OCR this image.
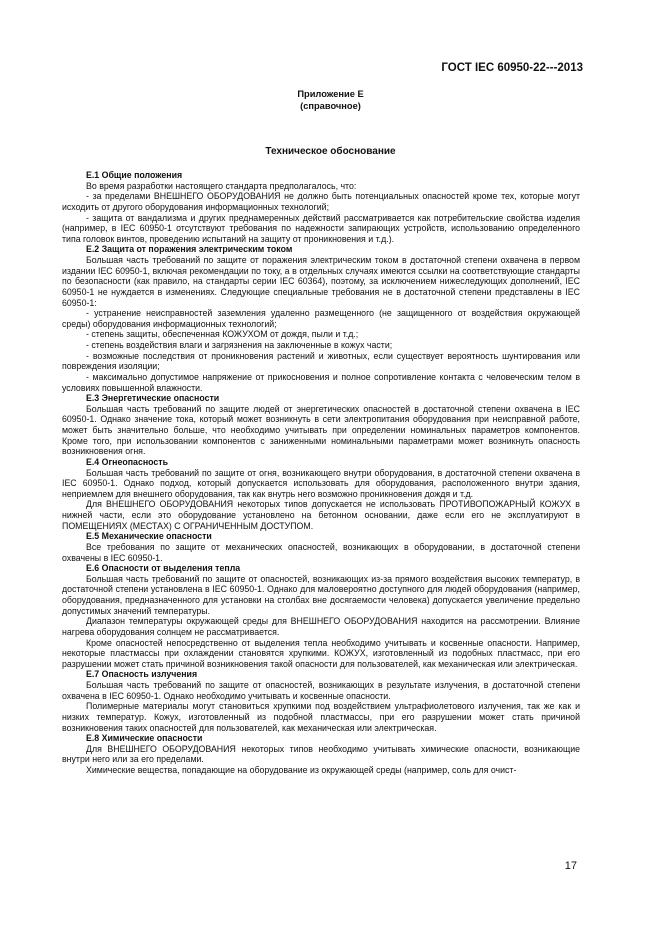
ГОСТ IEC 60950-22---2013
Приложение Е
(справочное)
Техническое обоснование
Е.1 Общие положения

Во время разработки настоящего стандарта предполагалось, что:

- за пределами ВНЕШНЕГО ОБОРУДОВАНИЯ не должно быть потенциальных опасностей кроме тех, которые могут исходить от другого оборудования информационных технологий;

- защита от вандализма и других преднамеренных действий рассматривается как потребительские свойства изделия (например, в IEC 60950-1 отсутствуют требования по надежности запирающих устройств, использованию определенного типа головок винтов, проведению испытаний на защиту от проникновения и т.д.).

Е.2 Защита от поражения электрическим током

Большая часть требований по защите от поражения электрическим током в достаточной степени охвачена в первом издании IEC 60950-1, включая рекомендации по току, а в отдельных случаях имеются ссылки на соответствующие стандарты по безопасности (как правило, на стандарты серии IEC 60364), поэтому, за исключением нижеследующих дополнений, IEC 60950-1 не нуждается в изменениях. Следующие специальные требования не в достаточной степени представлены в IEC 60950-1:

- устранение неисправностей заземления удаленно размещенного (не защищенного от воздействия окружающей среды) оборудования информационных технологий;

- степень защиты, обеспеченная КОЖУХОМ от дождя, пыли и т.д.;

- степень воздействия влаги и загрязнения на заключенные в кожух части;

- возможные последствия от проникновения растений и животных, если существует вероятность шунтирования или повреждения изоляции;

- максимально допустимое напряжение от прикосновения и полное сопротивление контакта с человеческим телом в условиях повышенной влажности.

Е.3 Энергетические опасности

Большая часть требований по защите людей от энергетических опасностей в достаточной степени охвачена в IEC 60950-1. Однако значение тока, который может возникнуть в сети электропитания оборудования при неисправной работе, может быть значительно больше, что необходимо учитывать при определении номинальных параметров компонентов. Кроме того, при использовании компонентов с заниженными номинальными параметрами может возникнуть опасность возникновения огня.

Е.4 Огнеопасность

Большая часть требований по защите от огня, возникающего внутри оборудования, в достаточной степени охвачена в IEC 60950-1. Однако подход, который допускается использовать для оборудования, расположенного внутри здания, неприемлем для внешнего оборудования, так как внутрь него возможно проникновения дождя и т.д.

Для ВНЕШНЕГО ОБОРУДОВАНИЯ некоторых типов допускается не использовать ПРОТИВОПОЖАРНЫЙ КОЖУХ в нижней части, если это оборудование установлено на бетонном основании, даже если его не эксплуатируют в ПОМЕЩЕНИЯХ (МЕСТАХ) С ОГРАНИЧЕННЫМ ДОСТУПОМ.

Е.5 Механические опасности

Все требования по защите от механических опасностей, возникающих в оборудовании, в достаточной степени охвачены в IEC 60950-1.

Е.6 Опасности от выделения тепла

Большая часть требований по защите от опасностей, возникающих из-за прямого воздействия высоких температур, в достаточной степени установлена в IEC 60950-1. Однако для маловероятно доступного для людей оборудования (например, оборудования, предназначенного для установки на столбах вне досягаемости человека) допускается увеличение предельно допустимых значений температуры.

Диапазон температуры окружающей среды для ВНЕШНЕГО ОБОРУДОВАНИЯ находится на рассмотрении. Влияние нагрева оборудования солнцем не рассматривается.

Кроме опасностей непосредственно от выделения тепла необходимо учитывать и косвенные опасности. Например, некоторые пластмассы при охлаждении становятся хрупкими. КОЖУХ, изготовленный из подобных пластмасс, при его разрушении может стать причиной возникновения такой опасности для пользователей, как механическая или электрическая.

Е.7 Опасность излучения

Большая часть требований по защите от опасностей, возникающих в результате излучения, в достаточной степени охвачена в IEC 60950-1. Однако необходимо учитывать и косвенные опасности.

Полимерные материалы могут становиться хрупкими под воздействием ультрафиолетового излучения, так же как и низких температур. Кожух, изготовленный из подобной пластмассы, при его разрушении может стать причиной возникновения таких опасностей для пользователей, как механическая или электрическая.

Е.8 Химические опасности

Для ВНЕШНЕГО ОБОРУДОВАНИЯ некоторых типов необходимо учитывать химические опасности, возникающие внутри него или за его пределами.

Химические вещества, попадающие на оборудование из окружающей среды (например, соль для очист-

17
